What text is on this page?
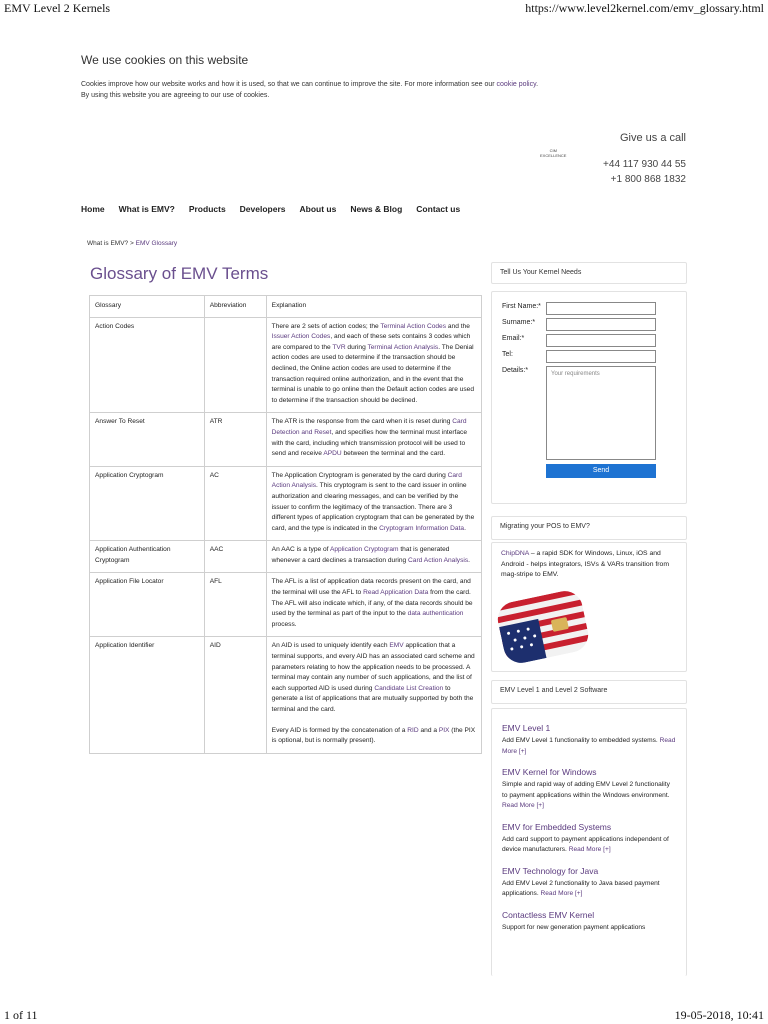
EMV Level 2 Kernels	https://www.level2kernel.com/emv_glossary.html
We use cookies on this website
Cookies improve how our website works and how it is used, so that we can continue to improve the site. For more information see our cookie policy.
By using this website you are agreeing to our use of cookies.
CIM
EXCELLENCE
Give us a call
+44 117 930 44 55
+1 800 868 1832
Home What is EMV? Products Developers About us News & Blog Contact us
What is EMV? > EMV Glossary
Glossary of EMV Terms
Glossary	Abbreviation	Explanation
Action Codes		There are 2 sets of action codes; the Terminal Action Codes and the Issuer Action Codes, and each of these sets contains 3 codes which are compared to the TVR during Terminal Action Analysis. The Denial action codes are used to determine if the transaction should be declined, the Online action codes are used to determine if the transaction required online authorization, and in the event that the terminal is unable to go online then the Default action codes are used to determine if the transaction should be declined.
Answer To Reset	ATR	The ATR is the response from the card when it is reset during Card Detection and Reset, and specifies how the terminal must interface with the card, including which transmission protocol will be used to send and receive APDU between the terminal and the card.
Application Cryptogram	AC	The Application Cryptogram is generated by the card during Card Action Analysis. This cryptogram is sent to the card issuer in online authorization and clearing messages, and can be verified by the issuer to confirm the legitimacy of the transaction. There are 3 different types of application cryptogram that can be generated by the card, and the type is indicated in the Cryptogram Information Data.
Application Authentication Cryptogram	AAC	An AAC is a type of Application Cryptogram that is generated whenever a card declines a transaction during Card Action Analysis.
Application File Locator	AFL	The AFL is a list of application data records present on the card, and the terminal will use the AFL to Read Application Data from the card. The AFL will also indicate which, if any, of the data records should be used by the terminal as part of the input to the data authentication process.
Application Identifier	AID	An AID is used to uniquely identify each EMV application that a terminal supports, and every AID has an associated card scheme and parameters relating to how the application needs to be processed. A terminal may contain any number of such applications, and the list of each supported AID is used during Candidate List Creation to generate a list of applications that are mutually supported by both the terminal and the card.
Every AID is formed by the concatenation of a RID and a PIX (the PIX is optional, but is normally present).
Tell Us Your Kernel Needs
First Name:*
Surname:*
Email:*
Tel:
Details:*	Your requirements
Send
Migrating your POS to EMV?
ChipDNA – a rapid SDK for Windows, Linux, iOS and Android - helps integrators, ISVs & VARs transition from mag-stripe to EMV.
EMV Level 1 and Level 2 Software
EMV Level 1

Add EMV Level 1 functionality to embedded systems. Read More [+]

EMV Kernel for Windows

Simple and rapid way of adding EMV Level 2 functionality to payment applications within the Windows environment. Read More [+]

EMV for Embedded Systems

Add card support to payment applications independent of device manufacturers. Read More [+]

EMV Technology for Java

Add EMV Level 2 functionality to Java based payment applications. Read More [+]

Contactless EMV Kernel

Support for new generation payment applications

1 of 11	19-05-2018, 10:41
